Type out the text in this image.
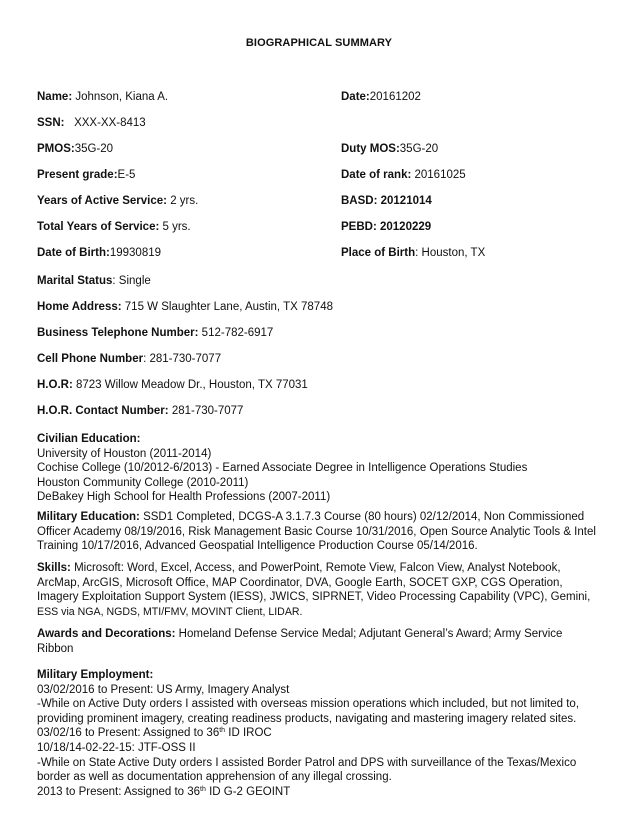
BIOGRAPHICAL SUMMARY
Name: Johnson, Kiana A.	Date:20161202
SSN: XXX-XX-8413
PMOS:35G-20	Duty MOS:35G-20
Present grade:E-5	Date of rank: 20161025
Years of Active Service: 2 yrs.	BASD: 20121014
Total Years of Service: 5 yrs.	PEBD: 20120229
Date of Birth:19930819	Place of Birth: Houston, TX
Marital Status: Single
Home Address: 715 W Slaughter Lane, Austin, TX 78748
Business Telephone Number: 512-782-6917
Cell Phone Number: 281-730-7077
H.O.R: 8723 Willow Meadow Dr., Houston, TX 77031
H.O.R. Contact Number: 281-730-7077
Civilian Education:
University of Houston (2011-2014)
Cochise College (10/2012-6/2013) - Earned Associate Degree in Intelligence Operations Studies
Houston Community College (2010-2011)
DeBakey High School for Health Professions (2007-2011)
Military Education: SSD1 Completed, DCGS-A 3.1.7.3 Course (80 hours) 02/12/2014, Non Commissioned
Officer Academy 08/19/2016, Risk Management Basic Course 10/31/2016, Open Source Analytic Tools & Intel
Training 10/17/2016, Advanced Geospatial Intelligence Production Course 05/14/2016.
Skills: Microsoft: Word, Excel, Access, and PowerPoint, Remote View, Falcon View, Analyst Notebook,
ArcMap, ArcGIS, Microsoft Office, MAP Coordinator, DVA, Google Earth, SOCET GXP, CGS Operation,
Imagery Exploitation Support System (IESS), JWICS, SIPRNET, Video Processing Capability (VPC), Gemini,
ESS via NGA, NGDS, MTI/FMV, MOVINT Client, LIDAR.
Awards and Decorations: Homeland Defense Service Medal; Adjutant General’s Award; Army Service
Ribbon
Military Employment:
03/02/2016 to Present: US Army, Imagery Analyst
-While on Active Duty orders I assisted with overseas mission operations which included, but not limited to,
providing prominent imagery, creating readiness products, navigating and mastering imagery related sites.
03/02/16 to Present: Assigned to 36th ID IROC
10/18/14-02-22-15: JTF-OSS II
-While on State Active Duty orders I assisted Border Patrol and DPS with surveillance of the Texas/Mexico
border as well as documentation apprehension of any illegal crossing.
2013 to Present: Assigned to 36th ID G-2 GEOINT
